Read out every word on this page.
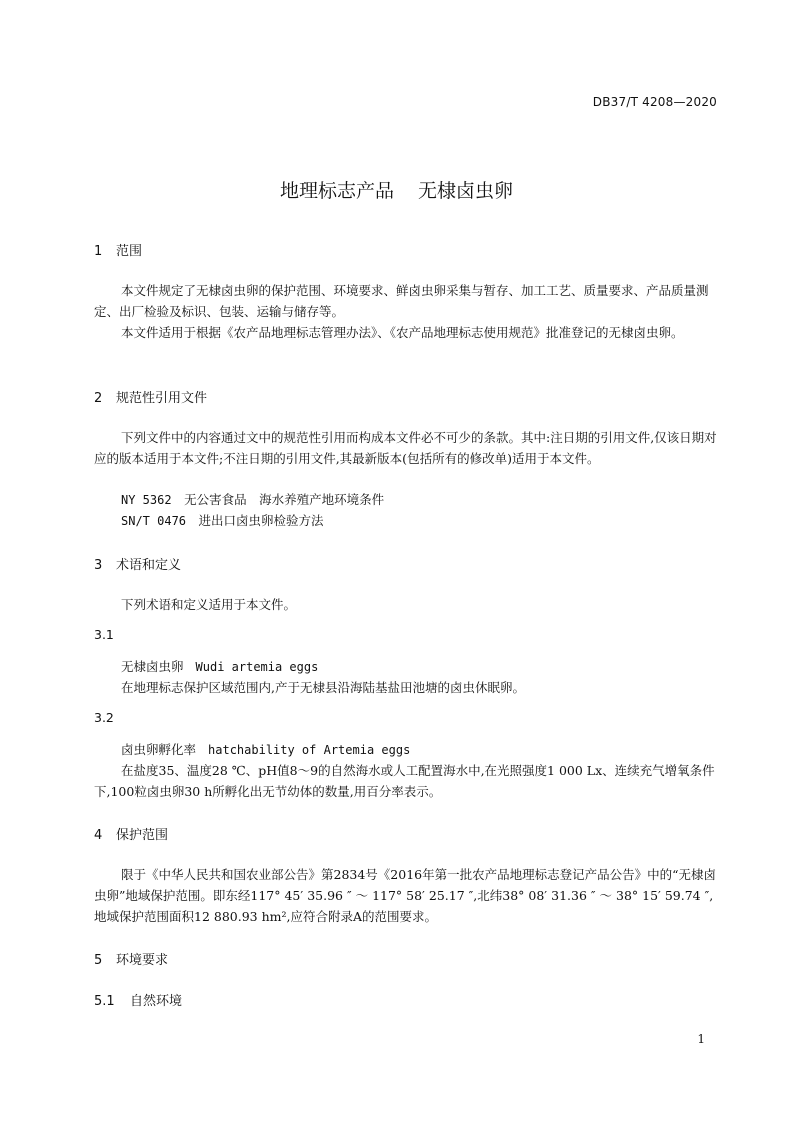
DB37/T 4208—2020
地理标志产品 无棣卤虫卵
1 范围
本文件规定了无棣卤虫卵的保护范围、环境要求、鲜卤虫卵采集与暂存、加工工艺、质量要求、产品质量测定、出厂检验及标识、包装、运输与储存等。
本文件适用于根据《农产品地理标志管理办法》、《农产品地理标志使用规范》批准登记的无棣卤虫卵。
2 规范性引用文件
下列文件中的内容通过文中的规范性引用而构成本文件必不可少的条款。其中:注日期的引用文件,仅该日期对应的版本适用于本文件;不注日期的引用文件,其最新版本(包括所有的修改单)适用于本文件。
NY 5362　 无公害食品　海水养殖产地环境条件
SN/T 0476　 进出口卤虫卵检验方法
3 术语和定义
下列术语和定义适用于本文件。
3.1
无棣卤虫卵 Wudi artemia eggs
在地理标志保护区域范围内,产于无棣县沿海陆基盐田池塘的卤虫休眠卵。
3.2
卤虫卵孵化率 hatchability of Artemia eggs
在盐度35、温度28 ℃、pH值8～9的自然海水或人工配置海水中,在光照强度1 000 Lx、连续充气增氧条件下,100粒卤虫卵30 h所孵化出无节幼体的数量,用百分率表示。
4 保护范围
限于《中华人民共和国农业部公告》第2834号《2016年第一批农产品地理标志登记产品公告》中的“无棣卤虫卵”地域保护范围。即东经117° 45′ 35.96 ″ ～ 117° 58′ 25.17 ″,北纬38° 08′ 31.36 ″ ～ 38° 15′ 59.74 ″,地域保护范围面积12 880.93 hm²,应符合附录A的范围要求。
5 环境要求
5.1 自然环境
1
